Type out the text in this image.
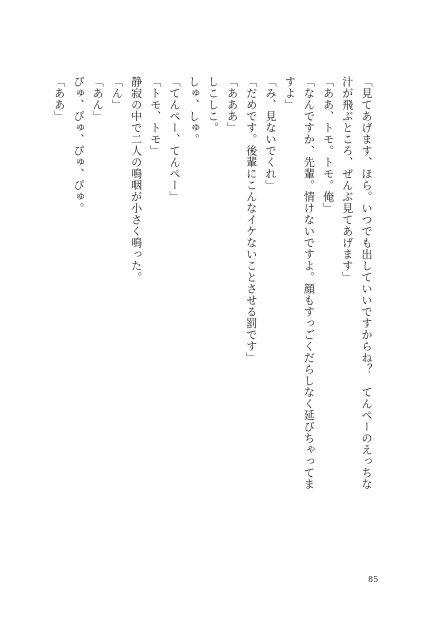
「見てあげます、ほら。いつでも出していいですからね？　てんぺーのえっちな
汁が飛ぶところ、ぜんぶ見てあげます」
「ああ、トモ。トモ。俺」
「なんですか、先輩。情けないですよ。顔もすっごくだらしなく延びちゃってま
すよ」
「み、見ないでくれ」
「だめです。後輩にこんなイケないことさせる罰です」
「あああ」
しこしこ。
しゅ、しゅ。
「てんぺー、てんぺー」
「トモ、トモ」
静寂の中で二人の鳴咽が小さく鳴った。
「ん」
「あん」
ぴゅ、ぴゅ、ぴゅ、ぴゅ。
「ああ」
85
